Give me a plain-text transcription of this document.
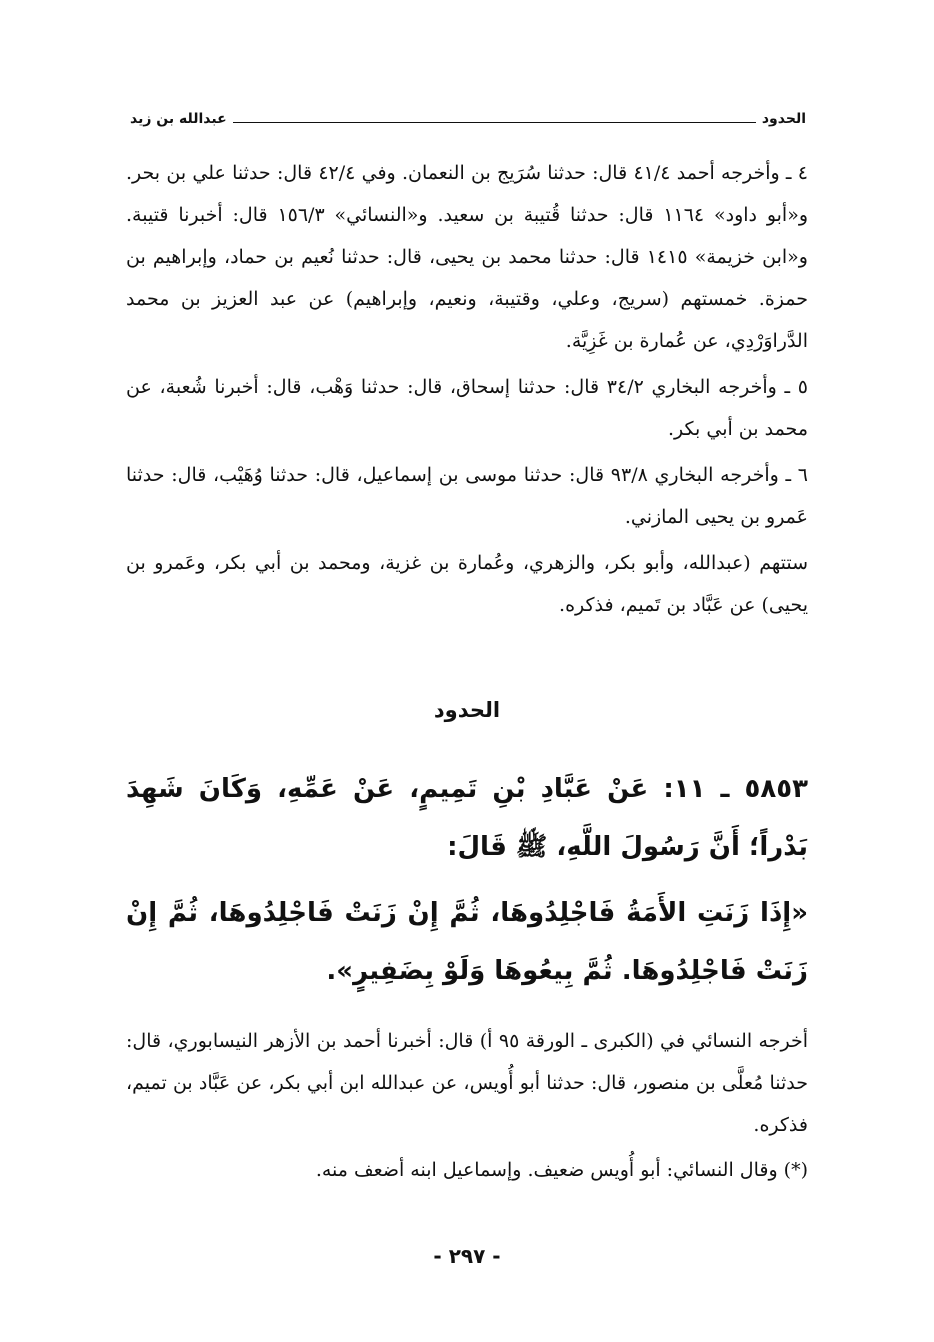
الحدود
عبدالله بن زيد

٤ ـ وأخرجه أحمد ٤١/٤ قال: حدثنا سُرَيج بن النعمان. وفي ٤٢/٤ قال: حدثنا علي بن بحر. و«أبو داود» ١١٦٤ قال: حدثنا قُتيبة بن سعيد. و«النسائي» ١٥٦/٣ قال: أخبرنا قتيبة. و«ابن خزيمة» ١٤١٥ قال: حدثنا محمد بن يحيى، قال: حدثنا نُعيم بن حماد، وإبراهيم بن حمزة. خمستهم (سريج، وعلي، وقتيبة، ونعيم، وإبراهيم) عن عبد العزيز بن محمد الدَّراوَرْدِي، عن عُمارة بن غَزِيَّة.

٥ ـ وأخرجه البخاري ٣٤/٢ قال: حدثنا إسحاق، قال: حدثنا وَهْب، قال: أخبرنا شُعبة، عن محمد بن أبي بكر.

٦ ـ وأخرجه البخاري ٩٣/٨ قال: حدثنا موسى بن إسماعيل، قال: حدثنا وُهَيْب، قال: حدثنا عَمرو بن يحيى المازني.

ستتهم (عبدالله، وأبو بكر، والزهري، وعُمارة بن غزية، ومحمد بن أبي بكر، وعَمرو بن يحيى) عن عَبَّاد بن تَميم، فذكره.

الحدود

٥٨٥٣ ـ ١١: عَنْ عَبَّادِ بْنِ تَمِيمٍ، عَنْ عَمِّهِ، وَكَانَ شَهِدَ بَدْراً؛ أَنَّ رَسُولَ اللَّهِ، ﷺ قَالَ:

«إِذَا زَنَتِ الأَمَةُ فَاجْلِدُوهَا، ثُمَّ إِنْ زَنَتْ فَاجْلِدُوهَا، ثُمَّ إِنْ زَنَتْ فَاجْلِدُوهَا. ثُمَّ بِيعُوهَا وَلَوْ بِضَفِيرٍ».

أخرجه النسائي في (الكبرى ـ الورقة ٩٥ أ) قال: أخبرنا أحمد بن الأزهر النيسابوري، قال: حدثنا مُعلَّى بن منصور، قال: حدثنا أبو أُويس، عن عبدالله ابن أبي بكر، عن عَبَّاد بن تميم، فذكره.

(*) وقال النسائي: أبو أُويس ضعيف. وإسماعيل ابنه أضعف منه.

- ٢٩٧ -
